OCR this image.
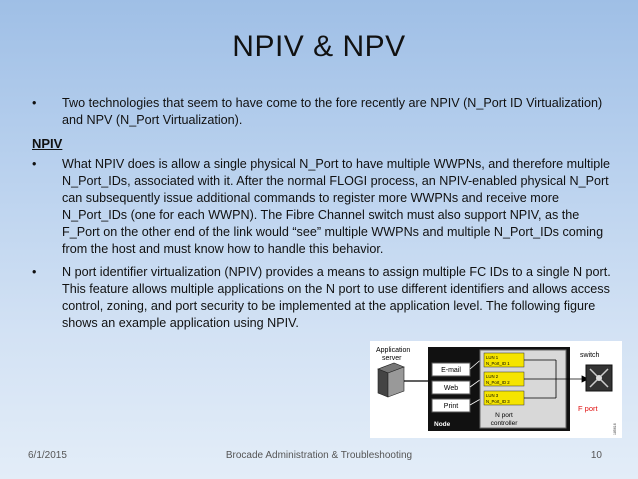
NPIV & NPV
• Two technologies that seem to have come to the fore recently are NPIV (N_Port ID Virtualization) and NPV (N_Port Virtualization).
NPIV
• What NPIV does is allow a single physical N_Port to have multiple WWPNs, and therefore multiple N_Port_IDs, associated with it. After the normal FLOGI process, an NPIV-enabled physical N_Port can subsequently issue additional commands to register more WWPNs and receive more N_Port_IDs (one for each WWPN). The Fibre Channel switch must also support NPIV, as the F_Port on the other end of the link would “see” multiple WWPNs and multiple N_Port_IDs coming from the host and must know how to handle this behavior.
• N port identifier virtualization (NPIV) provides a means to assign multiple FC IDs to a single N port. This feature allows multiple applications on the N port to use different identifiers and allows access control, zoning, and port security to be implemented at the application level. The following figure shows an example application using NPIV.
Application
server
E-mail
Web
Print
Node
LUN 1
N_Port_ID 1
LUN 2
N_Port_ID 2
LUN 3
N_Port_ID 3
N port
controller
switch
F port
185616
6/1/2015	Brocade Administration & Troubleshooting	10
